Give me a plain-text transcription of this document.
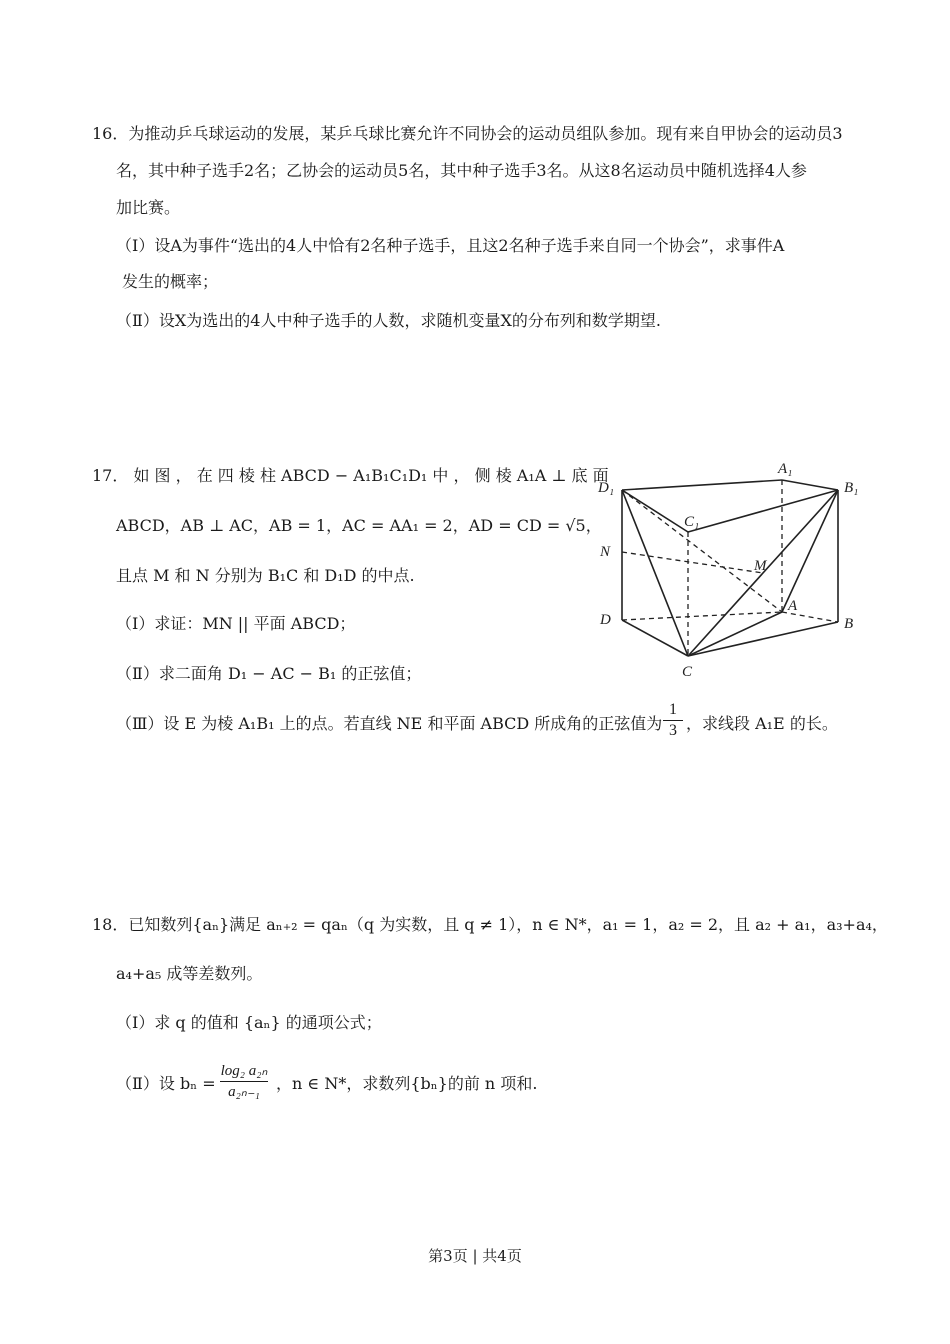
16．为推动乒乓球运动的发展，某乒乓球比赛允许不同协会的运动员组队参加。现有来自甲协会的运动员3
名，其中种子选手2名；乙协会的运动员5名，其中种子选手3名。从这8名运动员中随机选择4人参
加比赛。
（Ⅰ）设A为事件“选出的4人中恰有2名种子选手，且这2名种子选手来自同一个协会”，求事件A
发生的概率；
（Ⅱ）设X为选出的4人中种子选手的人数，求随机变量X的分布列和数学期望.
17． 如 图 ， 在 四 棱 柱 ABCD − A₁B₁C₁D₁ 中 ， 侧 棱 A₁A ⊥ 底 面
ABCD，AB ⊥ AC，AB = 1，AC = AA₁ = 2，AD = CD = √5，
且点 M 和 N 分别为 B₁C 和 D₁D 的中点.
（Ⅰ）求证：MN || 平面 ABCD；
（Ⅱ）求二面角 D₁ − AC − B₁ 的正弦值；
（Ⅲ）设 E 为棱 A₁B₁ 上的点。若直线 NE 和平面 ABCD 所成角的正弦值为
1
3 ，求线段 A₁E 的长。
D₁
A₁
B₁
C₁
N
M
A
D	B
C
18．已知数列{aₙ}满足 aₙ₊₂ = qaₙ（q 为实数，且 q ≠ 1），n ∈ N*，a₁ = 1，a₂ = 2，且 a₂ + a₁，a₃+a₄，
a₄+a₅ 成等差数列。
（Ⅰ）求 q 的值和 {aₙ} 的通项公式；
（Ⅱ）设 bₙ =
log₂ a₂ₙ
a₂ₙ₋₁	，n ∈ N*，求数列{bₙ}的前 n 项和.
第3页 | 共4页
